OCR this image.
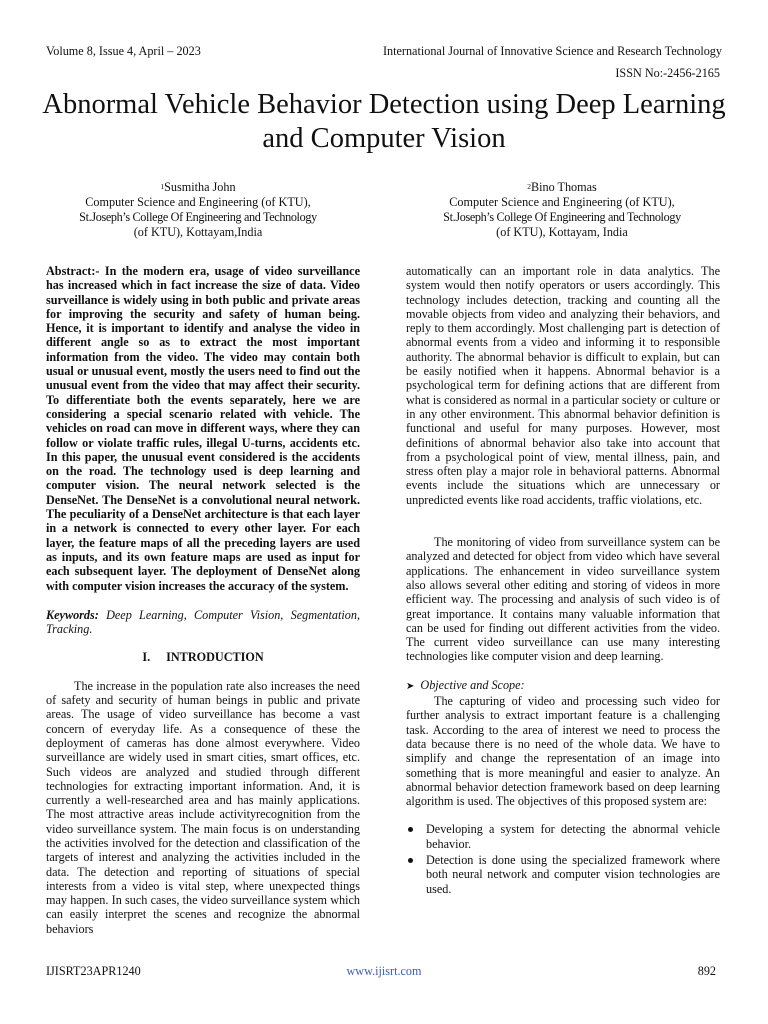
Volume 8, Issue 4, April – 2023	International Journal of Innovative Science and Research Technology
ISSN No:-2456-2165
Abnormal Vehicle Behavior Detection using Deep Learning and Computer Vision
$^1$Susmitha John
Computer Science and Engineering (of KTU),
St.Joseph’s College Of Engineering and Technology
(of KTU), Kottayam,India
$^2$Bino Thomas
Computer Science and Engineering (of KTU),
St.Joseph’s College Of Engineering and Technology
(of KTU), Kottayam, India

Abstract:- In the modern era, usage of video surveillance has increased which in fact increase the size of data. Video surveillance is widely using in both public and private areas for improving the security and safety of human being. Hence, it is important to identify and analyse the video in different angle so as to extract the most important information from the video. The video may contain both usual or unusual event, mostly the users need to find out the unusual event from the video that may affect their security. To differentiate both the events separately, here we are considering a special scenario related with vehicle. The vehicles on road can move in different ways, where they can follow or violate traffic rules, illegal U-turns, accidents etc. In this paper, the unusual event considered is the accidents on the road. The technology used is deep learning and computer vision. The neural network selected is the DenseNet. The DenseNet is a convolutional neural network. The peculiarity of a DenseNet architecture is that each layer in a network is connected to every other layer. For each layer, the feature maps of all the preceding layers are used as inputs, and its own feature maps are used as input for each subsequent layer. The deployment of DenseNet along with computer vision increases the accuracy of the system.

Keywords: Deep Learning, Computer Vision, Segmentation, Tracking.

I. INTRODUCTION

The increase in the population rate also increases the need of safety and security of human beings in public and private areas. The usage of video surveillance has become a vast concern of everyday life. As a consequence of these the deployment of cameras has done almost everywhere. Video surveillance are widely used in smart cities, smart offices, etc. Such videos are analyzed and studied through different technologies for extracting important information. And, it is currently a well-researched area and has mainly applications. The most attractive areas include activityrecognition from the video surveillance system. The main focus is on understanding the activities involved for the detection and classification of the targets of interest and analyzing the activities included in the data. The detection and reporting of situations of special interests from a video is vital step, where unexpected things may happen. In such cases, the video surveillance system which can easily interpret the scenes and recognize the abnormal behaviors

automatically can an important role in data analytics. The system would then notify operators or users accordingly. This technology includes detection, tracking and counting all the movable objects from video and analyzing their behaviors, and reply to them accordingly. Most challenging part is detection of abnormal events from a video and informing it to responsible authority. The abnormal behavior is difficult to explain, but can be easily notified when it happens. Abnormal behavior is a psychological term for defining actions that are different from what is considered as normal in a particular society or culture or in any other environment. This abnormal behavior definition is functional and useful for many purposes. However, most definitions of abnormal behavior also take into account that from a psychological point of view, mental illness, pain, and stress often play a major role in behavioral patterns. Abnormal events include the situations which are unnecessary or unpredicted events like road accidents, traffic violations, etc.

The monitoring of video from surveillance system can be analyzed and detected for object from video which have several applications. The enhancement in video surveillance system also allows several other editing and storing of videos in more efficient way. The processing and analysis of such video is of great importance. It contains many valuable information that can be used for finding out different activities from the video. The current video surveillance can use many interesting technologies like computer vision and deep learning.

➤ Objective and Scope:

The capturing of video and processing such video for further analysis to extract important feature is a challenging task. According to the area of interest we need to process the data because there is no need of the whole data. We have to simplify and change the representation of an image into something that is more meaningful and easier to analyze. An abnormal behavior detection framework based on deep learning algorithm is used. The objectives of this proposed system are:

Developing a system for detecting the abnormal vehicle behavior.
Detection is done using the specialized framework where both neural network and computer vision technologies are used.
IJISRT23APR1240	www.ijisrt.com	892
